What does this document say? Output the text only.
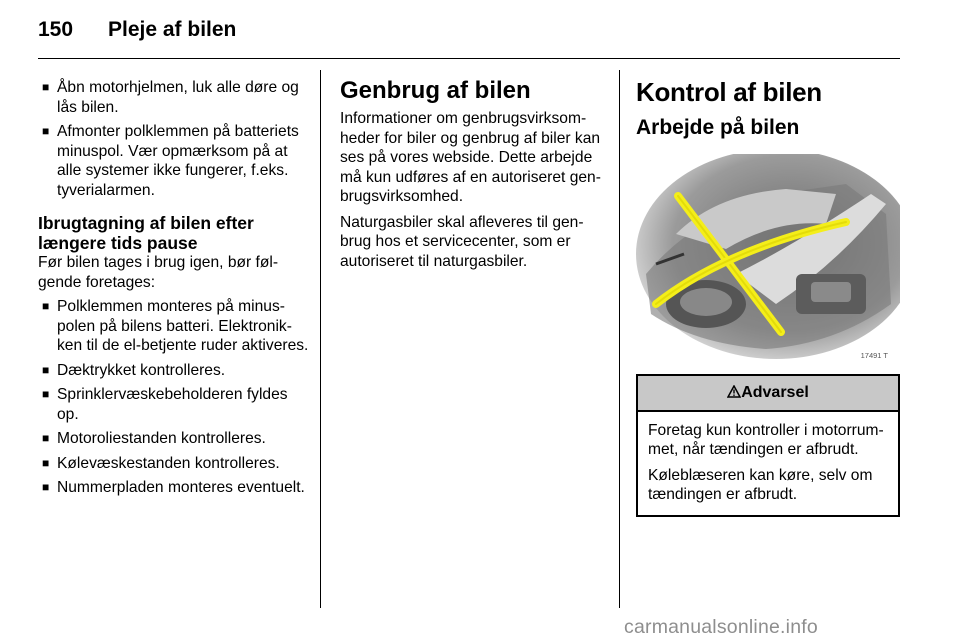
150 Pleje af bilen
■ Åbn motorhjelmen, luk alle døre og lås bilen.
■ Afmonter polklemmen på batteriets minuspol. Vær opmærksom på at alle systemer ikke fungerer, f.eks. tyverialarmen.
Ibrugtagning af bilen efter længere tids pause

Før bilen tages i brug igen, bør følgende foretages:

■ Polklemmen monteres på minuspolen på bilens batteri. Elektronikken til de el-betjente ruder aktiveres.
■ Dæktrykket kontrolleres.
■ Sprinklervæskebeholderen fyldes op.
■ Motoroliestanden kontrolleres.
■ Kølevæskestanden kontrolleres.
■ Nummerpladen monteres eventuelt.
Genbrug af bilen

Informationer om genbrugsvirksomheder for biler og genbrug af biler kan ses på vores webside. Dette arbejde må kun udføres af en autoriseret genbrugsvirksomhed.

Naturgasbiler skal afleveres til genbrug hos et servicecenter, som er autoriseret til naturgasbiler.

Kontrol af bilen
Arbejde på bilen
17491 T
Advarsel

Foretag kun kontroller i motorrummet, når tændingen er afbrudt.

Køleblæseren kan køre, selv om tændingen er afbrudt.

carmanualsonline.info
